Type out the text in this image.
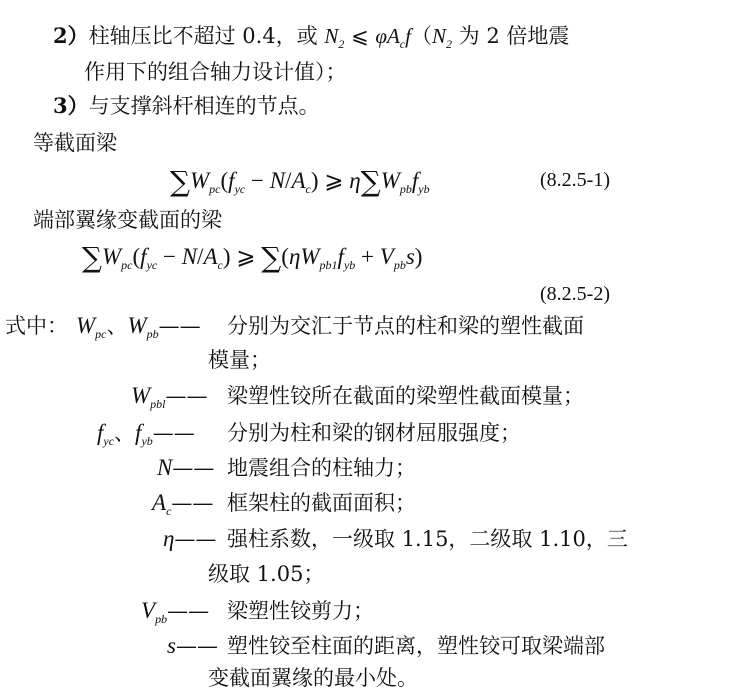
2）柱轴压比不超过 0.4，或 $N_2$ ⩽ $\varphi A_cf(N_2$ 为 2 倍地震
作用下的组合轴力设计值）；
3）与支撑斜杆相连的节点。
等截面梁
$\sum W_{pc}(f_{yc} - N/A_c)$ ⩾ $\eta\sum W_{pb}f_{yb}$	(8.2.5-1)
端部翼缘变截面的梁
$\sum W_{pc}(f_{yc} - N/A_c)$ ⩾ $\sum(\eta W_{pb1}f_{yb} + V_{pb}s)$
(8.2.5-2)
式中： $W_{pc}$、$W_{pb}——$ 分别为交汇于节点的柱和梁的塑性截面
模量；
$W_{pbl}——$ 梁塑性铰所在截面的梁塑性截面模量；
$f_{yc}$、$f_{yb}——$ 分别为柱和梁的钢材屈服强度；
N—— 地震组合的柱轴力；
$A_c——$ 框架柱的截面面积；
η—— 强柱系数，一级取 1.15，二级取 1.10，三
级取 1.05；
$V_{pb}——$ 梁塑性铰剪力；
s—— 塑性铰至柱面的距离，塑性铰可取梁端部
变截面翼缘的最小处。
